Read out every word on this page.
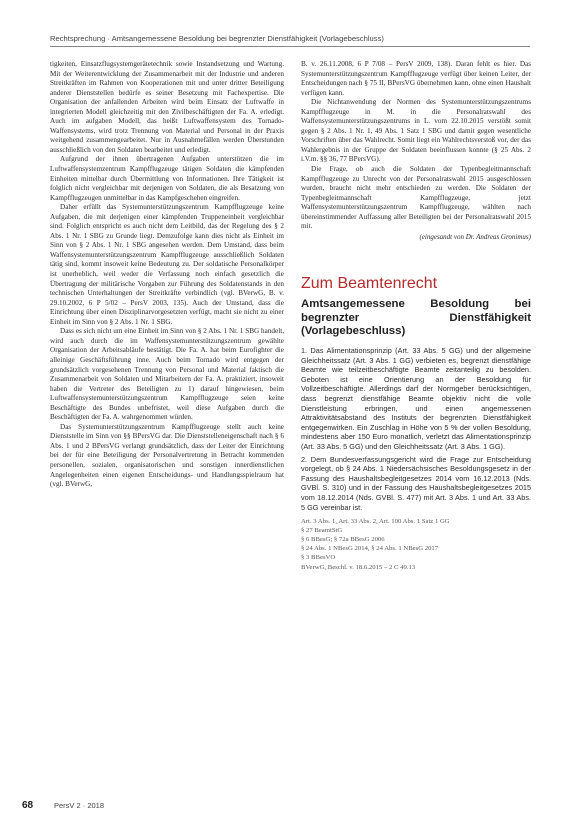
Rechtsprechung · Amtsangemessene Besoldung bei begrenzter Dienstfähigkeit (Vorlagebeschluss)

tigkeiten, Einsatzflugsystemgerätetechnik sowie Instandsetzung und Wartung. Mit der Weiterentwicklung der Zusammenarbeit mit der Industrie und anderen Streitkräften im Rahmen von Kooperationen mit und unter dritter Beteiligung anderer Dienststellen bedürfe es seiner Besetzung mit Fachexpertise. Die Organisation der anfallenden Arbeiten wird beim Einsatz der Luftwaffe in integrierten Modell gleichzeitig mit den Zivilbeschäftigten der Fa. A. erledigt. Auch im aufgaben Modell, das heißt Luftwaffensystem des Tornado-Waffensystems, wird trotz Trennung von Material und Personal in der Praxis weitgehend zusammengearbeitet. Nur in Ausnahmefällen werden Überstunden ausschließlich von den Soldaten bearbeitet und erledigt.

Aufgrund der ihnen übertragenen Aufgaben unterstützen die im Luftwaffensystemzentrum Kampfflugzeuge tätigen Soldaten die kämpfenden Einheiten mittelbar durch Übermittlung von Informationen. Ihre Tätigkeit ist folglich nicht vergleichbar mit derjenigen von Soldaten, die als Besatzung von Kampfflugzeugen unmittelbar in das Kampfgeschehen eingreifen.

Daher erfüllt das Systemunterstützungszentrum Kampfflugzeuge keine Aufgaben, die mit derjenigen einer kämpfenden Truppeneinheit vergleichbar sind. Folglich entspricht es auch nicht dem Leitbild, das der Regelung des § 2 Abs. 1 Nr. 1 SBG zu Grunde liegt. Demzufolge kann dies nicht als Einheit im Sinn von § 2 Abs. 1 Nr. 1 SBG angesehen werden. Dem Umstand, dass beim Waffensystemunterstützungszentrum Kampfflugzeuge ausschließlich Soldaten tätig sind, kommt insoweit keine Bedeutung zu. Der soldatische Personalkörper ist unerheblich, weil weder die Verfassung noch einfach gesetzlich die Übertragung der militärische Vorgaben zur Führung des Soldatenstands in den technischen Unterhaltungen der Streitkräfte verbindlich (vgl. BVerwG, B. v. 29.10.2002, 6 P 5/02 – PersV 2003, 135). Auch der Umstand, dass die Einrichtung über einen Disziplinarvorgesetzten verfügt, macht sie nicht zu einer Einheit im Sinn von § 2 Abs. 1 Nr. 1 SBG.

Dass es sich nicht um eine Einheit im Sinn von § 2 Abs. 1 Nr. 1 SBG handelt, wird auch durch die im Waffensystemunterstützungszentrum gewählte Organisation der Arbeitsabläufe bestätigt. Die Fa. A. hat beim Eurofighter die alleinige Geschäftsführung inne. Auch beim Tornado wird entgegen der grundsätzlich vorgesehenen Trennung von Personal und Material faktisch die Zusammenarbeit von Soldaten und Mitarbeitern der Fa. A. praktiziert, insoweit haben die Vertreter des Beteiligten zu 1) darauf hingewiesen, beim Luftwaffensystemunterstützungszentrum Kampfflugzeuge seien keine Beschäftigte des Bundes unbefristet, weil diese Aufgaben durch die Beschäftigten der Fa. A. wahrgenommen würden.

Das Systemunterstützungszentrum Kampfflugzeuge stellt auch keine Dienststelle im Sinn von §§ BPersVG dar. Die Dienststelleneigenschaft nach § 6 Abs. 1 und 2 BPersVG verlangt grundsätzlich, dass der Leiter der Einrichtung bei der für eine Beteiligung der Personalvertretung in Betracht kommenden personellen, sozialen, organisatorischen und sonstigen innerdienstlichen Angelegenheiten einen eigenen Entscheidungs- und Handlungsspielraum hat (vgl. BVerwG,

B. v. 26.11.2008, 6 P 7/08 – PersV 2009, 138). Daran fehlt es hier. Das Systemunterstützungszentrum Kampfflugzeuge verfügt über keinen Leiter, der Entscheidungen nach § 75 II, BPersVG übernehmen kann, ohne einen Haushalt verfügen kann.

Die Nichtanwendung der Normen des Systemunterstützungszentrums Kampfflugzeuge in M. in die Personalratswahl des Waffensystemunterstützungszentrums in L. vom 22.10.2015 verstößt somit gegen § 2 Abs. 1 Nr. 1, 49 Abs. 1 Satz 1 SBG und damit gegen wesentliche Vorschriften über das Wahlrecht. Somit liegt ein Wahlrechtsverstoß vor, der das Wahlergebnis in der Gruppe der Soldaten beeinflussen konnte (§ 25 Abs. 2 i.V.m. §§ 36, 77 BPersVG).

Die Frage, ob auch die Soldaten der Typenbegleitmannschaft Kampfflugzeuge zu Unrecht von der Personalratswahl 2015 ausgeschlossen wurden, braucht nicht mehr entschieden zu werden. Die Soldaten der Typenbegleitmannschaft Kampfflugzeuge, jetzt Waffensystemunterstützungszentrum Kampfflugzeuge, wählten nach übereinstimmender Auffassung aller Beteiligten bei der Personalratswahl 2015 mit.

(eingesandt von Dr. Andreas Gronimus)

Zum Beamtenrecht
Amtsangemessene Besoldung bei begrenzter Dienstfähigkeit (Vorlagebeschluss)

1. Das Alimentationsprinzip (Art. 33 Abs. 5 GG) und der allgemeine Gleichheitssatz (Art. 3 Abs. 1 GG) verbieten es, begrenzt dienstfähige Beamte wie teilzeitbeschäftigte Beamte zeitanteilig zu besolden. Geboten ist eine Orientierung an der Besoldung für Vollzeitbeschäftigte. Allerdings darf der Normgeber berücksichtigen, dass begrenzt dienstfähige Beamte objektiv nicht die volle Dienstleistung erbringen, und einen angemessenen Attraktivitätsabstand des Instituts der begrenzten Dienstfähigkeit entgegenwirken. Ein Zuschlag in Höhe von 5 % der vollen Besoldung, mindestens aber 150 Euro monatlich, verletzt das Alimentationsprinzip (Art. 33 Abs. 5 GG) und den Gleichheitssatz (Art. 3 Abs. 1 GG).

2. Dem Bundesverfassungsgericht wird die Frage zur Entscheidung vorgelegt, ob § 24 Abs. 1 Niedersächsisches Besoldungsgesetz in der Fassung des Haushaltsbegleitgesetzes 2014 vom 16.12.2013 (Nds. GVBl. S. 310) und in der Fassung des Haushaltsbegleitgesetzes 2015 vom 18.12.2014 (Nds. GVBl. S. 477) mit Art. 3 Abs. 1 und Art. 33 Abs. 5 GG vereinbar ist.

Art. 3 Abs. 1, Art. 33 Abs. 2, Art. 100 Abs. 1 Satz 1 GG
§ 27 BeamtStG
§ 6 BBesG; § 72a BBesG 2006
§ 24 Abs. 1 NBesG 2014, § 24 Abs. 1 NBesG 2017
§ 3 BBesVO
BVerwG, Beschl. v. 18.6.2015 – 2 C 49.13
68	PersV 2 · 2018
